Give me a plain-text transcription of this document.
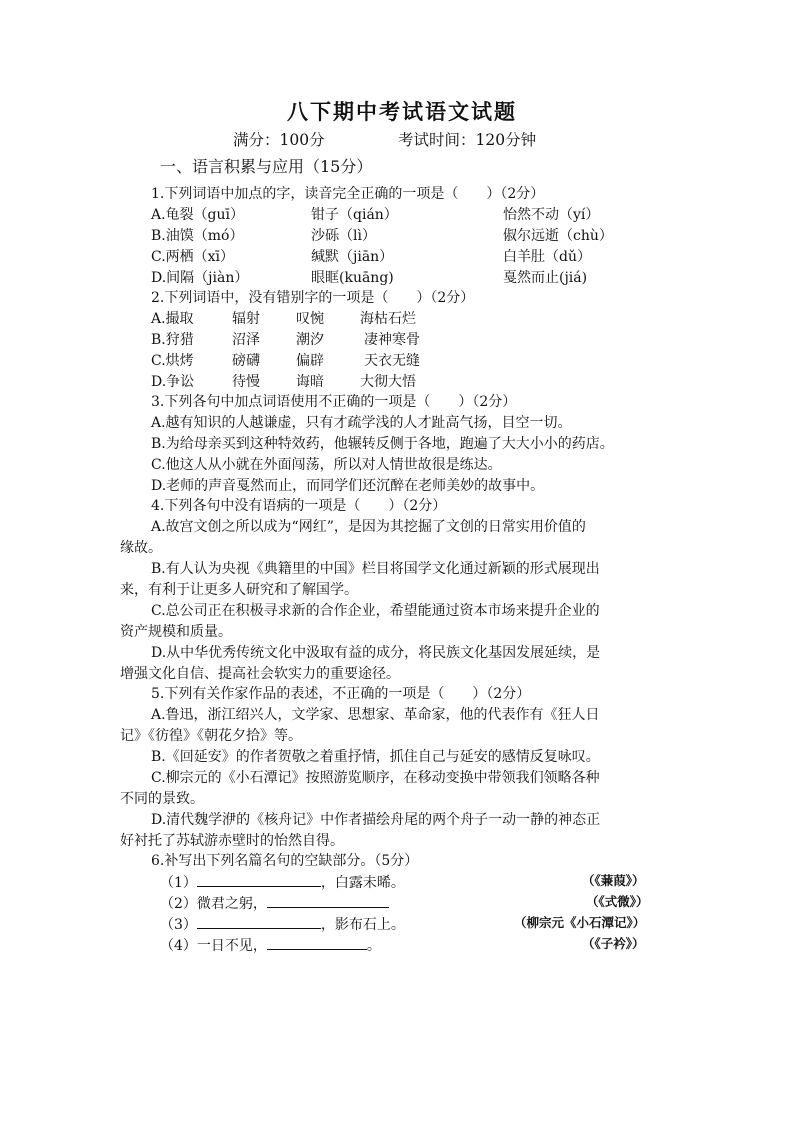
八下期中考试语文试题
满分：100分	考试时间：120分钟
一、语言积累与应用（15分）
1.下列词语中加点的字，读音完全正确的一项是（　　）（2分）
A.龟裂（guī）	钳子（qián）	怡然不动（yí）
B.油馍（mó）	沙砾（lì）	俶尔远逝（chù）
C.两栖（xī）	缄默（jiān）	白羊肚（dǔ）
D.间隔（jiàn）	眼眶(kuāng)	戛然而止(jiá)
2.下列词语中，没有错别字的一项是（　　）（2分）
A.撮取	辐射	叹惋	海枯石烂
B.狩猎	沼泽	潮汐	凄神寒骨
C.烘烤	磅礴	偏辟	天衣无缝
D.争讼	待慢	诲暗	大彻大悟
3.下列各句中加点词语使用不正确的一项是（　　）（2分）
A.越有知识的人越谦虚，只有才疏学浅的人才趾高气扬，目空一切。
B.为给母亲买到这种特效药，他辗转反侧于各地，跑遍了大大小小的药店。
C.他这人从小就在外面闯荡，所以对人情世故很是练达。
D.老师的声音戛然而止，而同学们还沉醉在老师美妙的故事中。
4.下列各句中没有语病的一项是（　　）（2分）
A.故宫文创之所以成为“网红”，是因为其挖掘了文创的日常实用价值的
缘故。
B.有人认为央视《典籍里的中国》栏目将国学文化通过新颖的形式展现出
来，有利于让更多人研究和了解国学。
C.总公司正在积极寻求新的合作企业，希望能通过资本市场来提升企业的
资产规模和质量。
D.从中华优秀传统文化中汲取有益的成分，将民族文化基因发展延续，是
增强文化自信、提高社会软实力的重要途径。
5.下列有关作家作品的表述，不正确的一项是（　　）（2分）
A.鲁迅，浙江绍兴人，文学家、思想家、革命家，他的代表作有《狂人日
记》《彷徨》《朝花夕拾》等。
B.《回延安》的作者贺敬之着重抒情，抓住自己与延安的感情反复咏叹。
C.柳宗元的《小石潭记》按照游览顺序，在移动变换中带领我们领略各种
不同的景致。
D.清代魏学洢的《核舟记》中作者描绘舟尾的两个舟子一动一静的神态正
好衬托了苏轼游赤壁时的怡然自得。
6.补写出下列名篇名句的空缺部分。（5分）
（1）	，白露未晞。	（《蒹葭》）
（2）微君之躬，	（《式微》）
（3）	，影布石上。	（柳宗元《小石潭记》）
（4）一日不见，	。	（《子衿》）
